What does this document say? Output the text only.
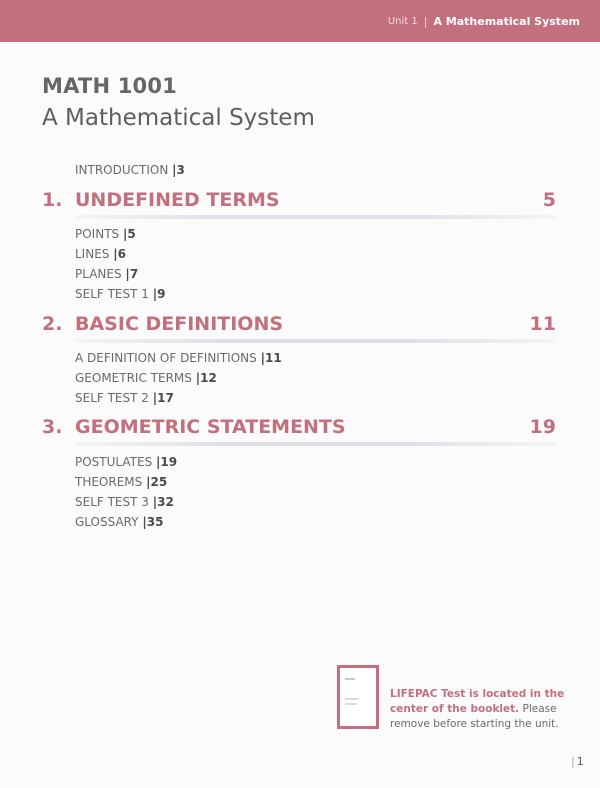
Unit 1 | A Mathematical System
MATH 1001
A Mathematical System
INTRODUCTION |3
1. UNDEFINED TERMS	5
POINTS |5
LINES |6
PLANES |7
SELF TEST 1 |9
2. BASIC DEFINITIONS	11
A DEFINITION OF DEFINITIONS |11
GEOMETRIC TERMS |12
SELF TEST 2 |17
3. GEOMETRIC STATEMENTS	19
POSTULATES |19
THEOREMS |25
SELF TEST 3 |32
GLOSSARY |35
LIFEPAC Test is located in the center of the booklet. Please remove before starting the unit.
| 1
